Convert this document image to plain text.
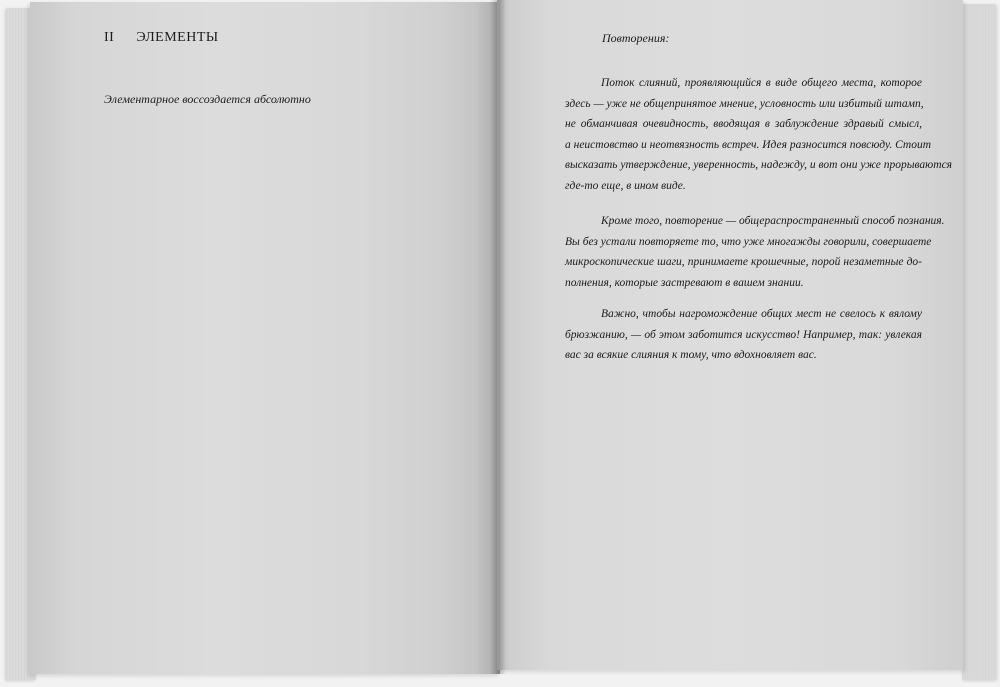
II ЭЛЕМЕНТЫ
Элементарное воссоздается абсолютно
Повторения:
Поток слияний, проявляющийся в виде общего места, которое
здесь — уже не общепринятое мнение, условность или избитый штамп,
не обманчивая очевидность, вводящая в заблуждение здравый смысл,
а неистовство и неотвязность встреч. Идея разносится повсюду. Стоит
высказать утверждение, уверенность, надежду, и вот они уже прорываются
где-то еще, в ином виде.
Кроме того, повторение — общераспространенный способ познания.
Вы без устали повторяете то, что уже многажды говорили, совершаете
микроскопические шаги, принимаете крошечные, порой незаметные до-
полнения, которые застревают в вашем знании.
Важно, чтобы нагромождение общих мест не свелось к вялому
брюзжанию, — об этом заботится искусство! Например, так: увлекая
вас за всякие слияния к тому, что вдохновляет вас.
